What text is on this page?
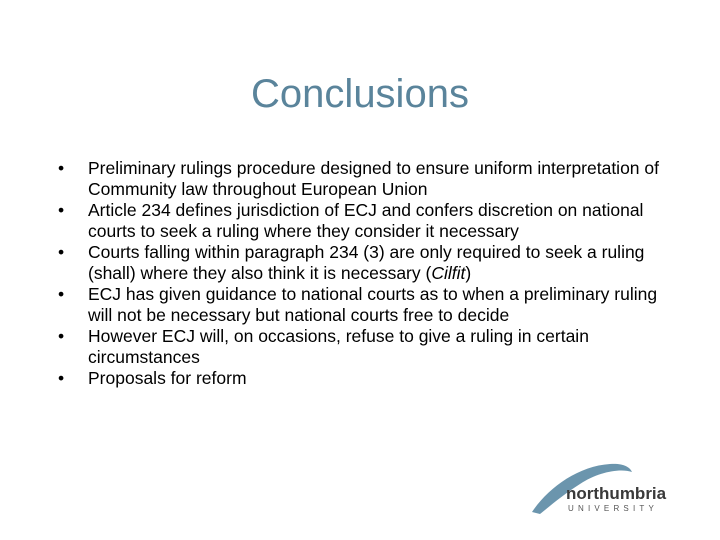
Conclusions
•	Preliminary rulings procedure designed to ensure uniform interpretation of Community law throughout European Union
•	Article 234 defines jurisdiction of ECJ and confers discretion on national courts to seek a ruling where they consider it necessary
•	Courts falling within paragraph 234 (3) are only required to seek a ruling (shall) where they also think it is necessary (Cilfit)
•	ECJ has given guidance to national courts as to when a preliminary ruling will not be necessary but national courts free to decide
•	However ECJ will, on occasions, refuse to give a ruling in certain circumstances
•	Proposals for reform
northumbria
UNIVERSITY
